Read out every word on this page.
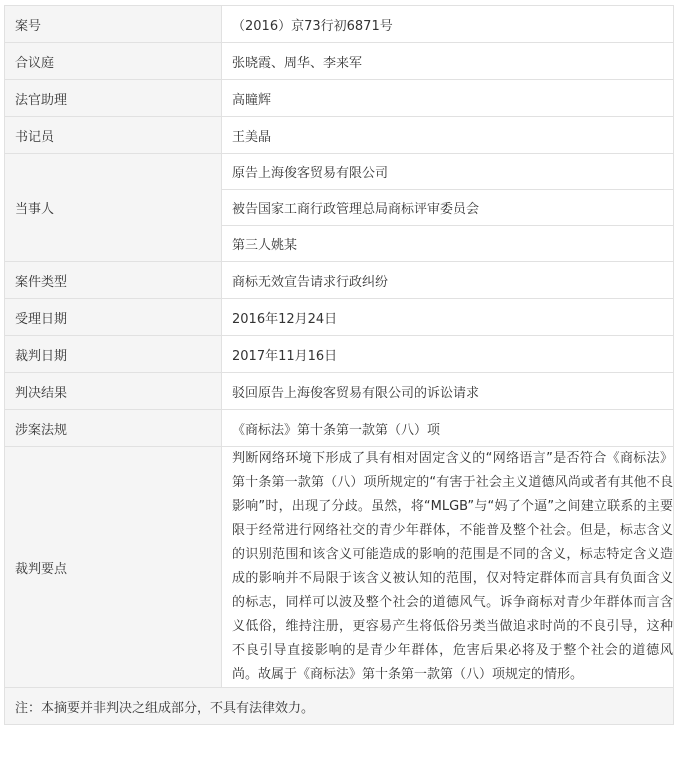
案号	（2016）京73行初6871号
合议庭	张晓霞、周华、李来军
法官助理	高瞳辉
书记员	王美晶
当事人	原告上海俊客贸易有限公司
	被告国家工商行政管理总局商标评审委员会
	第三人姚某
案件类型	商标无效宣告请求行政纠纷
受理日期	2016年12月24日
裁判日期	2017年11月16日
判决结果	驳回原告上海俊客贸易有限公司的诉讼请求
涉案法规	《商标法》第十条第一款第（八）项
裁判要点	判断网络环境下形成了具有相对固定含义的“网络语言”是否符合《商标法》第十条第一款第（八）项所规定的“有害于社会主义道德风尚或者有其他不良影响”时，出现了分歧。虽然，将“MLGB”与“妈了个逼”之间建立联系的主要限于经常进行网络社交的青少年群体，不能普及整个社会。但是，标志含义的识别范围和该含义可能造成的影响的范围是不同的含义，标志特定含义造成的影响并不局限于该含义被认知的范围，仅对特定群体而言具有负面含义的标志，同样可以波及整个社会的道德风气。诉争商标对青少年群体而言含义低俗，维持注册，更容易产生将低俗另类当做追求时尚的不良引导，这种不良引导直接影响的是青少年群体，危害后果必将及于整个社会的道德风尚。故属于《商标法》第十条第一款第（八）项规定的情形。
注：本摘要并非判决之组成部分，不具有法律效力。	
